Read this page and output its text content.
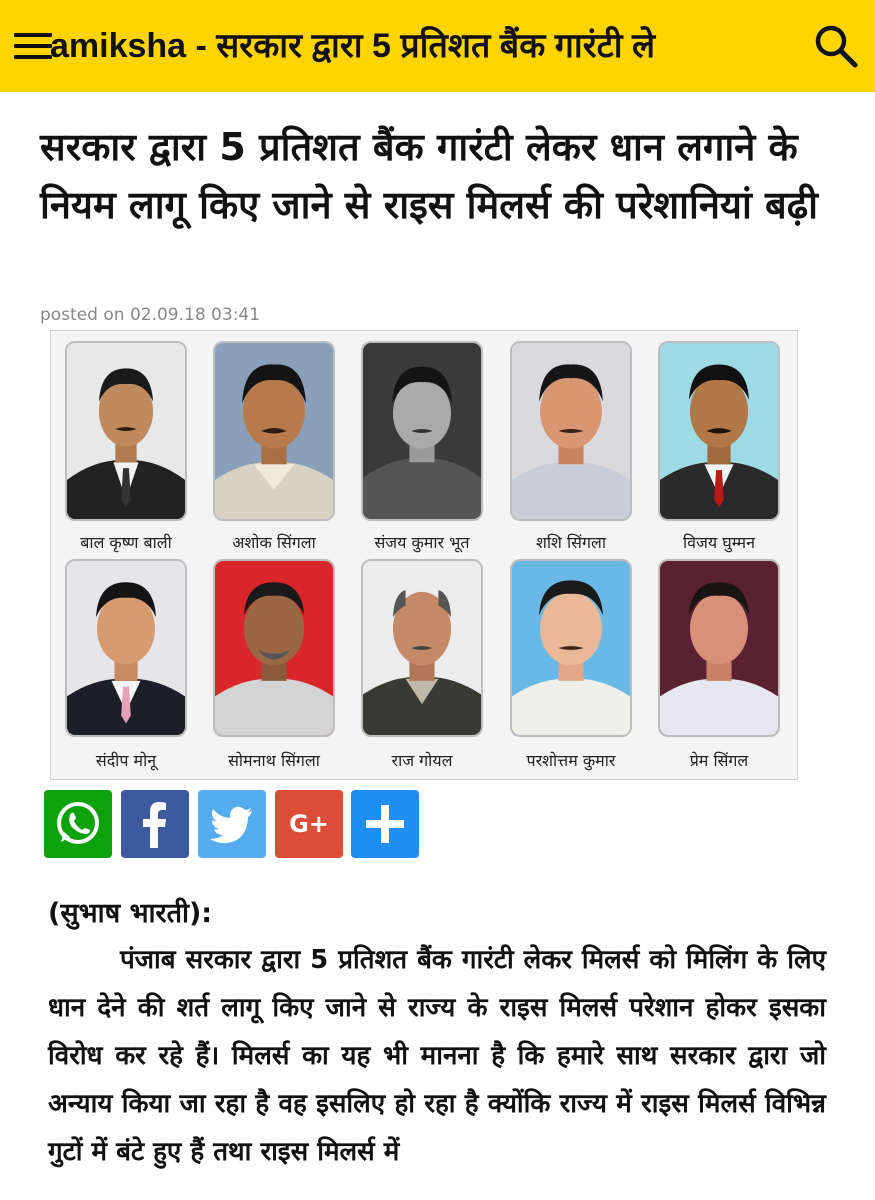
amiksha - सरकार द्वारा 5 प्रतिशत बैंक गारंटी ले
सरकार द्वारा 5 प्रतिशत बैंक गारंटी लेकर धान लगाने के नियम लागू किए जाने से राइस मिलर्स की परेशानियां बढ़ी
posted on 02.09.18 03:41
बाल कृष्ण बाली	अशोक सिंगला	संजय कुमार भूत	शशि सिंगला	विजय घुम्मन
संदीप मोनू	सोमनाथ सिंगला	राज गोयल	परशोत्तम कुमार	प्रेम सिंगल
G+
(सुभाष भारती):

पंजाब सरकार द्वारा 5 प्रतिशत बैंक गारंटी लेकर मिलर्स को मिलिंग के लिए धान देने की शर्त लागू किए जाने से राज्य के राइस मिलर्स परेशान होकर इसका विरोध कर रहे हैं। मिलर्स का यह भी मानना है कि हमारे साथ सरकार द्वारा जो अन्याय किया जा रहा है वह इसलिए हो रहा है क्योंकि राज्य में राइस मिलर्स विभिन्न गुटों में बंटे हुए हैं तथा राइस मिलर्स में
